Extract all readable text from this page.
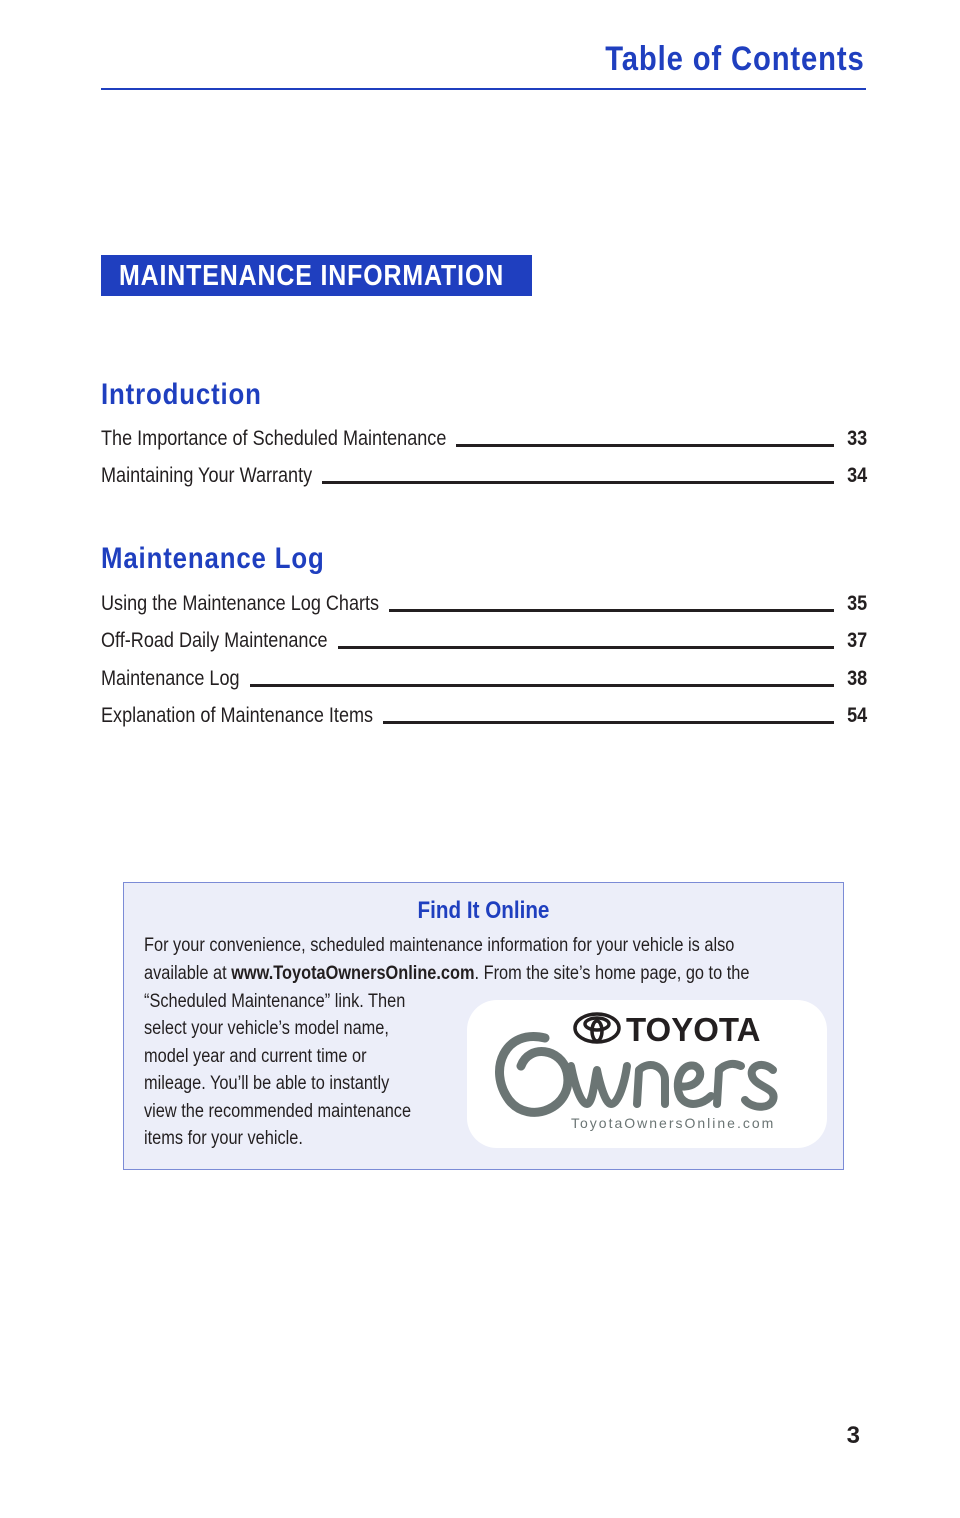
Table of Contents
MAINTENANCE INFORMATION
Introduction
The Importance of Scheduled Maintenance	33
Maintaining Your Warranty	34
Maintenance Log
Using the Maintenance Log Charts	35
Off-Road Daily Maintenance	37
Maintenance Log	38
Explanation of Maintenance Items	54
Find It Online
For your convenience, scheduled maintenance information for your vehicle is also
available at www.ToyotaOwnersOnline.com. From the site’s home page, go to the
“Scheduled Maintenance” link. Then
select your vehicle’s model name,
model year and current time or
mileage. You’ll be able to instantly
view the recommended maintenance
items for your vehicle.
TOYOTA
ToyotaOwnersOnline.com
3
